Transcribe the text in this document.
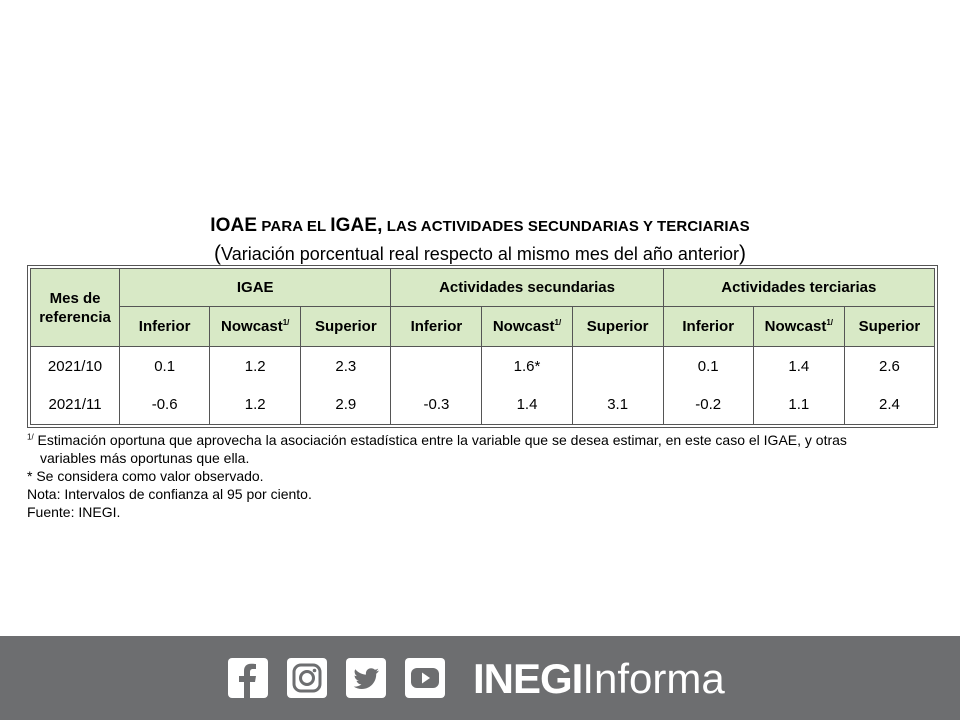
IOAE PARA EL IGAE, LAS ACTIVIDADES SECUNDARIAS Y TERCIARIAS
(Variación porcentual real respecto al mismo mes del año anterior)
Mes de referencia	IGAE			Actividades secundarias			Actividades terciarias		
	Inferior	Nowcast$^{1/}$	Superior	Inferior	Nowcast$^{1/}$	Superior	Inferior	Nowcast$^{1/}$	Superior
2021/10	0.1	1.2	2.3		1.6*		0.1	1.4	2.6
2021/11	-0.6	1.2	2.9	-0.3	1.4	3.1	-0.2	1.1	2.4
$^{1/}$ Estimación oportuna que aprovecha la asociación estadística entre la variable que se desea estimar, en este caso el IGAE, y otras
variables más oportunas que ella.
* Se considera como valor observado.
Nota: Intervalos de confianza al 95 por ciento.
Fuente: INEGI.
INEGIInforma
